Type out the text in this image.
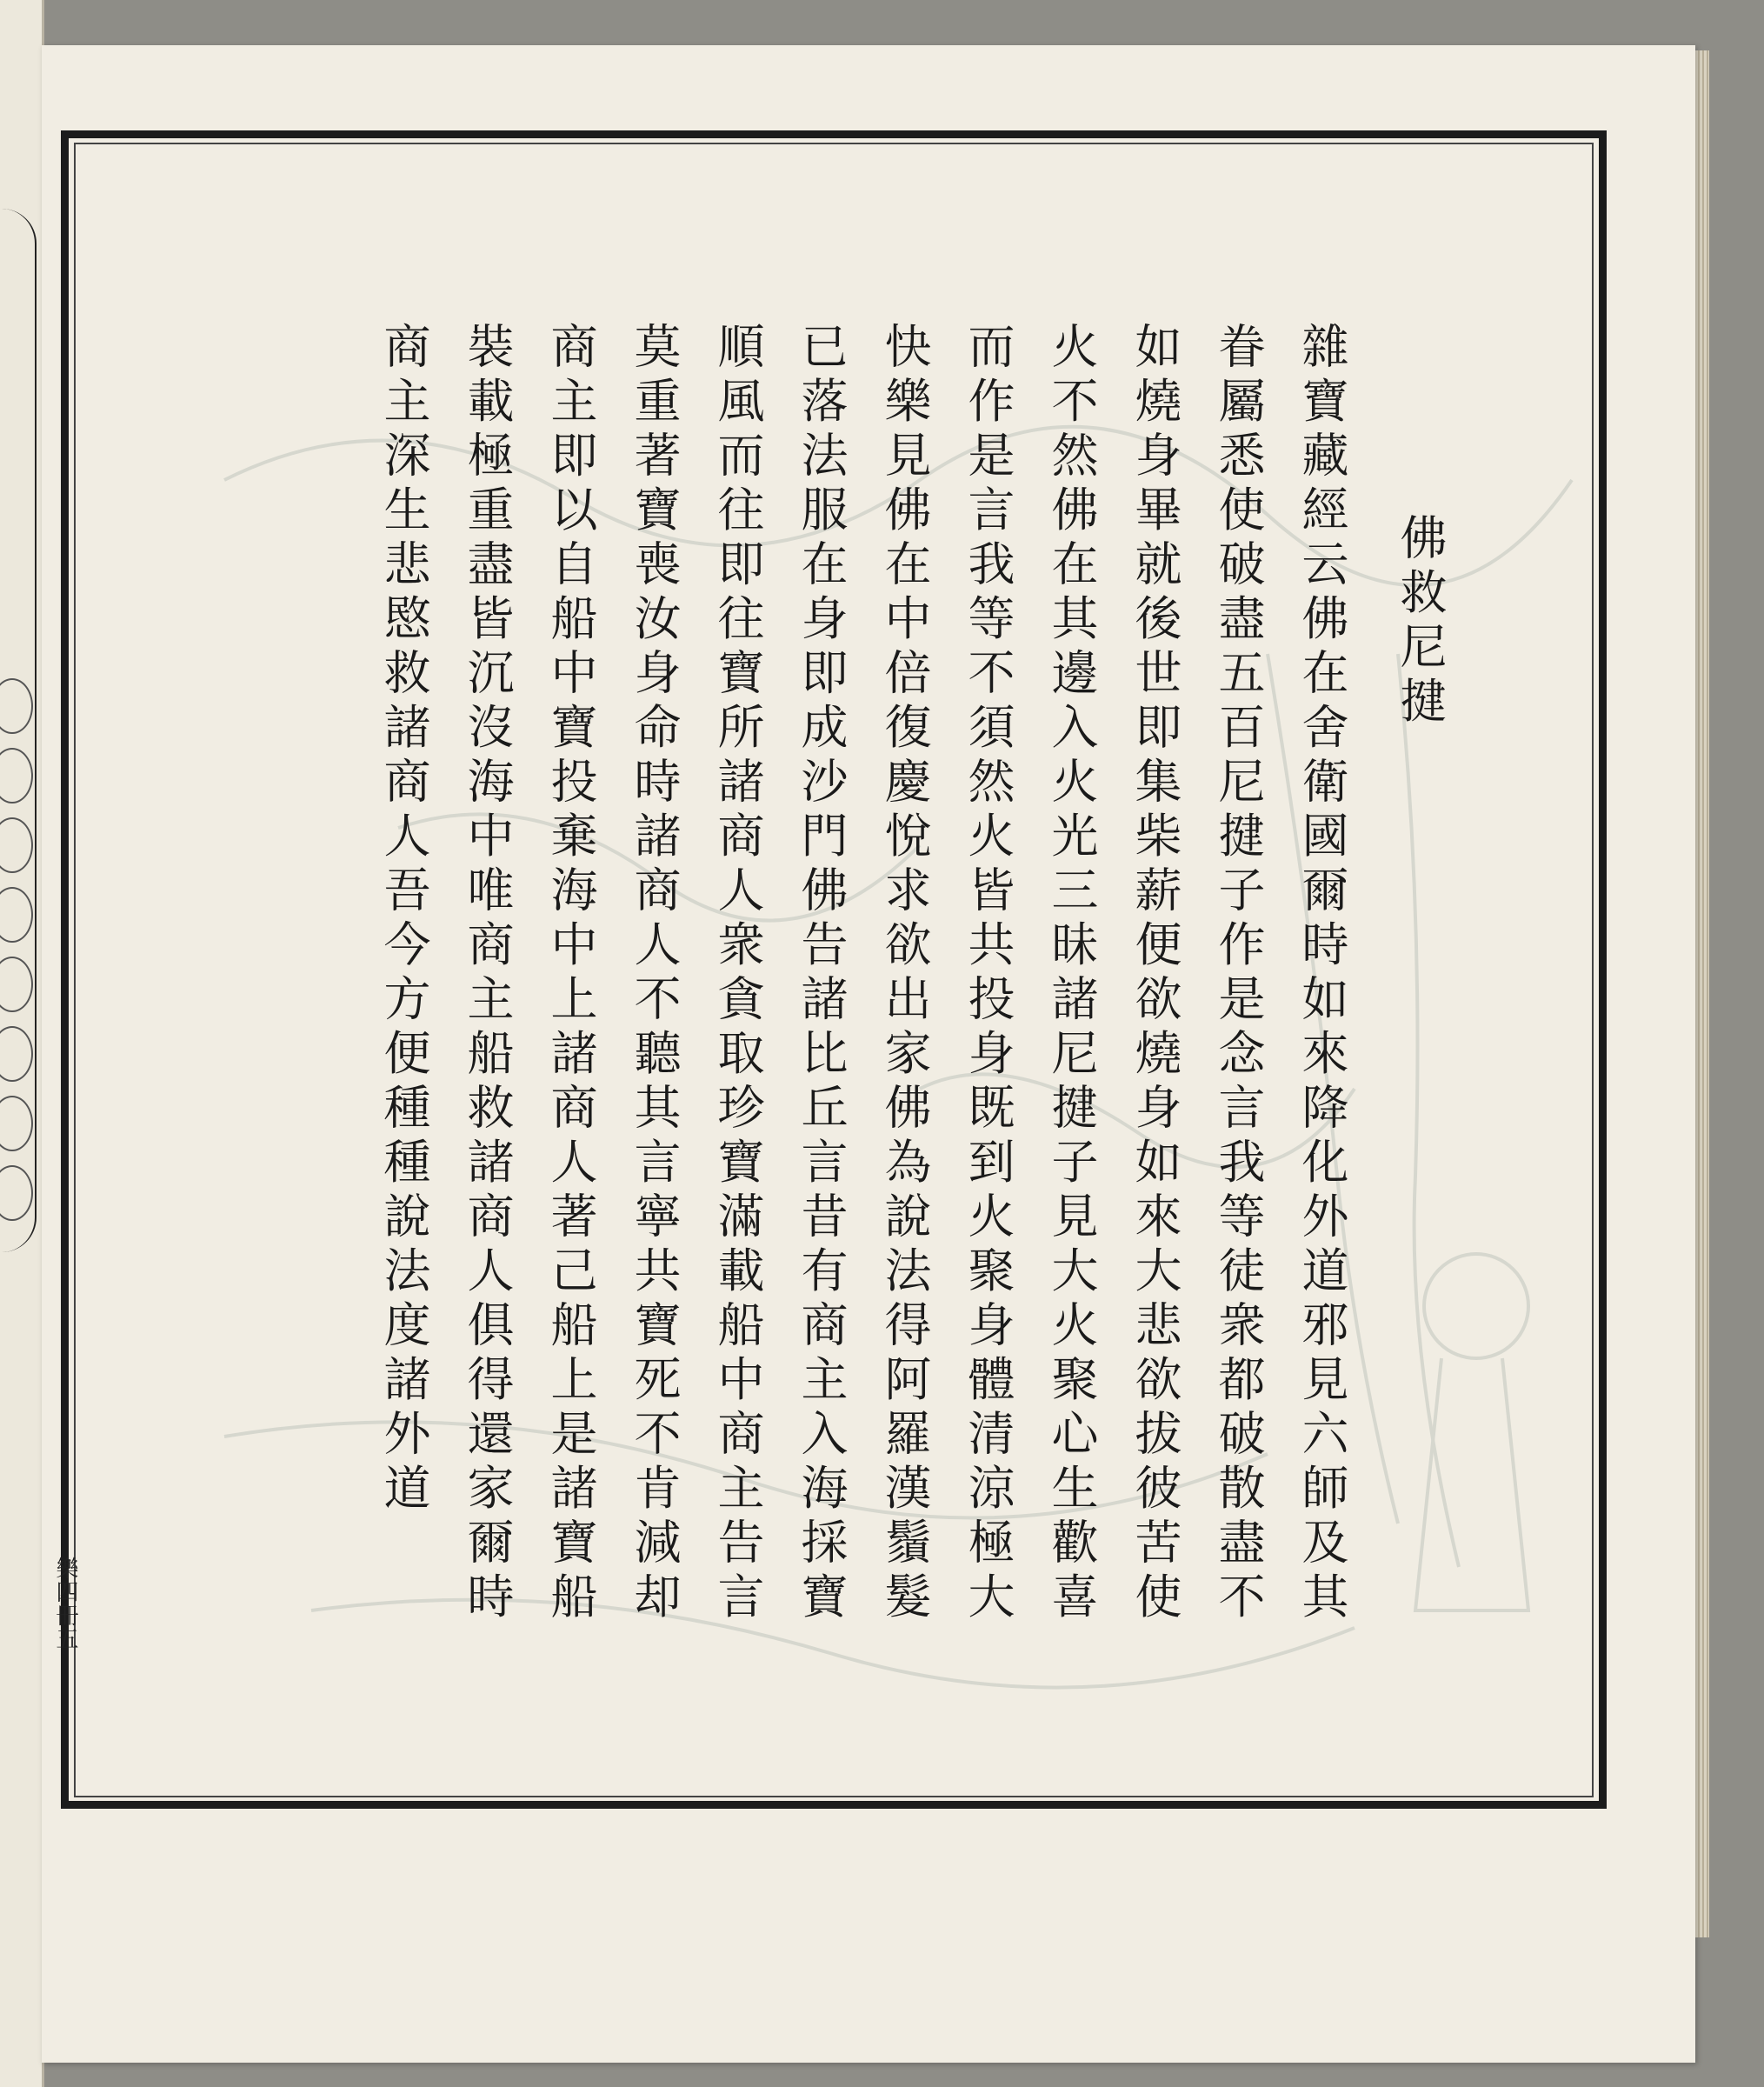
佛救尼揵
雜寶藏經云佛在舍衛國爾時如來降化外道邪見六師及其
眷屬悉使破盡五百尼揵子作是念言我等徒衆都破散盡不
如燒身畢就後世即集柴薪便欲燒身如來大悲欲拔彼苦使
火不然佛在其邊入火光三昧諸尼揵子見大火聚心生歡喜
而作是言我等不須然火皆共投身既到火聚身體清涼極大
快樂見佛在中倍復慶悅求欲出家佛為說法得阿羅漢鬚髮
已落法服在身即成沙門佛告諸比丘言昔有商主入海採寶
順風而往即往寶所諸商人衆貪取珍寶滿載船中商主告言
莫重著寶喪汝身命時諸商人不聽其言寧共寶死不肯減却
商主即以自船中寶投棄海中上諸商人著己船上是諸寶船
裝載極重盡皆沉沒海中唯商主船救諸商人俱得還家爾時
商主深生悲愍救諸商人吾今方便種種說法度諸外道
樂四冊五
